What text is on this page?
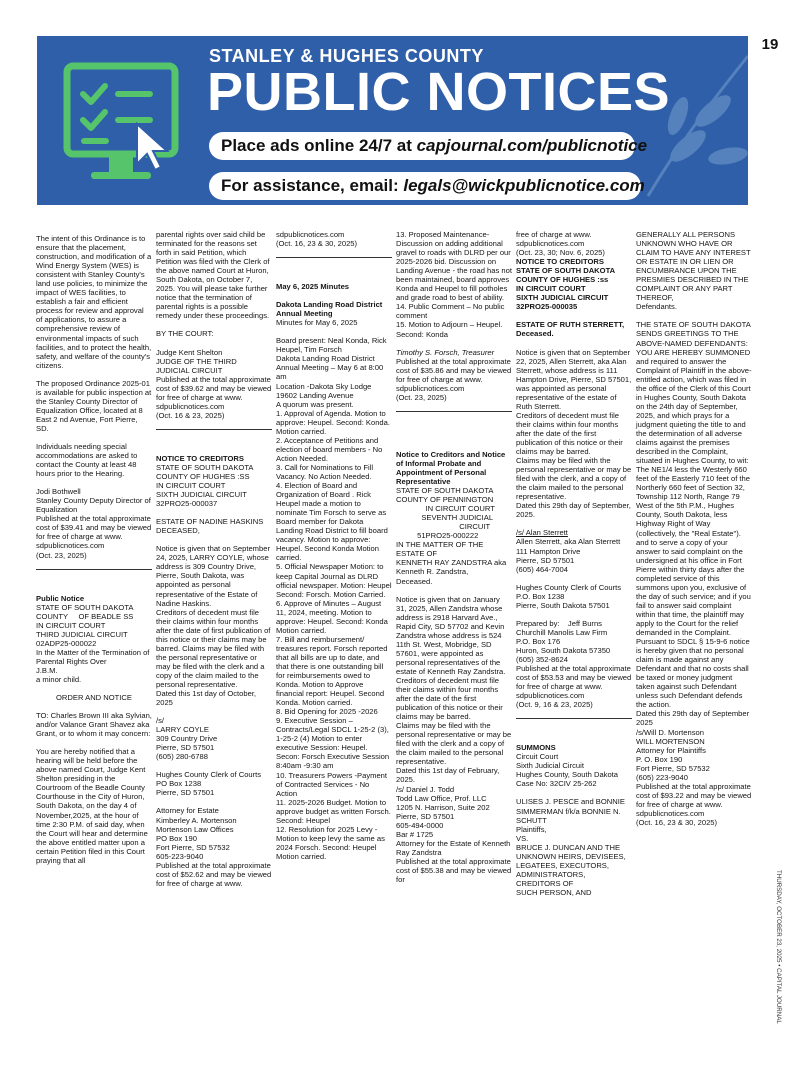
19
STANLEY & HUGHES COUNTY
PUBLIC NOTICES
Place ads online 24/7 at capjournal.com/publicnotice
For assistance, email: legals@wickpublicnotice.com

The intent of this Ordinance is to ensure that the placement, construction, and modification of a Wind Energy System (WES) is consistent with Stanley County's land use policies, to minimize the impact of WES facilities, to establish a fair and efficient process for review and approval of applications, to assure a comprehensive review of environmental impacts of such facilities, and to protect the health, safety, and welfare of the county's citizens.

The proposed Ordinance 2025-01 is available for public inspection at the Stanley County Director of Equalization Office, located at 8 East 2 nd Avenue, Fort Pierre, SD.

Individuals needing special accommodations are asked to contact the County at least 48 hours prior to the Hearing.

Jodi Bothwell
Stanley County Deputy Director of Equalization
Published at the total approximate cost of $39.41 and may be viewed for free of charge at www. sdpublicnotices.com
(Oct. 23, 2025)

Public Notice

STATE OF SOUTH DAKOTA
COUNTY     OF BEADLE SS
IN CIRCUIT COURT
THIRD JUDICIAL CIRCUIT
02ADP25-000022
In the Matter of the Termination of Parental Rights Over
J.B.M.
a minor child.

ORDER AND NOTICE

TO: Charles Brown III aka Sylvian, and/or Valance Grant Shavez aka Grant, or to whom it may concern:

You are hereby notified that a hearing will be held before the above named Court, Judge Kent Shelton presiding in the Courtroom of the Beadle County Courthouse in the City of Huron, South Dakota, on the day 4 of November,2025, at the hour of time 2:30 P.M. of said day, when the Court will hear and determine the above entitled matter upon a certain Petition filed in this Court praying that all

parental rights over said child be terminated for the reasons set forth in said Petition, which Petition was filed with the Clerk of the above named Court at Huron, South Dakota, on October 7, 2025. You will please take further notice that the termination of parental rights is a possible remedy under these proceedings.

BY THE COURT:

Judge Kent Shelton
JUDGE OF THE THIRD JUDICIAL CIRCUIT
Published at the total approximate cost of $39.62 and may be viewed for free of charge at www. sdpublicnotices.com
(Oct. 16 & 23, 2025)

NOTICE TO CREDITORS

STATE OF SOUTH DAKOTA
COUNTY OF HUGHES :SS
IN CIRCUIT COURT
SIXTH JUDICIAL CIRCUIT
32PRO25-000037

ESTATE OF NADINE HASKINS
DECEASED,

Notice is given that on September 24, 2025, LARRY COYLE, whose address is 309 Country Drive, Pierre, South Dakota, was appointed as personal representative of the Estate of Nadine Haskins.
Creditors of decedent must file their claims within four months after the date of first publication of this notice or their claims may be barred. Claims may be filed with the personal representative or may be filed with the clerk and a copy of the claim mailed to the personal representative.
Dated this 1st day of October, 2025

/s/
LARRY COYLE
309 Country Drive
Pierre, SD 57501
(605) 280-6788

Hughes County Clerk of Courts
PO Box 1238
Pierre, SD 57501

Attorney for Estate
Kimberley A. Mortenson
Mortenson Law Offices
PO Box 190
Fort Pierre, SD 57532
605-223-9040
Published at the total approximate cost of $52.62 and may be viewed for free of charge at www.

sdpublicnotices.com
(Oct. 16, 23 & 30, 2025)

May 6, 2025 Minutes

Dakota Landing Road District Annual Meeting

Minutes for May 6, 2025

Board present: Neal Konda, Rick Heupel, Tim Forsch
Dakota Landing Road District Annual Meeting – May 6 at 8:00 am
Location -Dakota Sky Lodge 19602 Landing Avenue
A quorum was present.
1. Approval of Agenda. Motion to approve: Heupel. Second: Konda. Motion carried.
2. Acceptance of Petitions and election of board members - No Action Needed.
3. Call for Nominations to Fill Vacancy. No Action Needed.
4. Election of Board and Organization of Board . Rick Heupel made a motion to nominate Tim Forsch to serve as Board member for Dakota Landing Road District to fill board vacancy. Motion to approve: Heupel. Second Konda Motion carried.
5. Official Newspaper Motion: to keep Capital Journal as DLRD official newspaper. Motion: Heupel Second: Forsch. Motion Carried.
6. Approve of Minutes – August 11, 2024, meeting. Motion to approve: Heupel. Second: Konda Motion carried.
7. Bill and reimbursement/ treasures report. Forsch reported that all bills are up to date, and that there is one outstanding bill for reimbursements owed to Konda. Motion to Approve financial report: Heupel. Second Konda. Motion carried.
8. Bid Opening for 2025 -2026
9. Executive Session – Contracts/Legal SDCL 1-25-2 (3), 1-25-2 (4) Motion to enter executive Session: Heupel. Secon: Forsch Executive Session 8:40am -9:30 am
10. Treasurers Powers -Payment of Contracted Services - No Action
11. 2025-2026 Budget. Motion to approve budget as written Forsch. Second: Heupel
12. Resolution for 2025 Levy - Motion to keep levy the same as 2024 Forsch. Second: Heupel Motion carried.

13. Proposed Maintenance- Discussion on adding additional gravel to roads with DLRD per our 2025-2026 bid. Discussion on Landing Avenue - the road has not been maintained, board approves Konda and Heupel to fill potholes and grade road to best of ability.
14. Public Comment – No public comment
15. Motion to Adjourn – Heupel. Second: Konda

Timothy S. Forsch, Treasurer

Published at the total approximate cost of $35.86 and may be viewed for free of charge at www. sdpublicnotices.com
(Oct. 23, 2025)

Notice to Creditors and Notice of Informal Probate and Appointment of Personal Representative

STATE OF SOUTH DAKOTA
COUNTY OF PENNINGTON
IN CIRCUIT COURT
SEVENTH JUDICIAL
CIRCUIT
51PRO25-000222
IN THE MATTER OF THE ESTATE OF
KENNETH RAY ZANDSTRA aka
Kenneth R. Zandstra,
Deceased.

Notice is given that on January 31, 2025, Allen Zandstra whose address is 2918 Harvard Ave., Rapid City, SD 57702 and Kevin Zandstra whose address is 524 11th St. West, Mobridge, SD 57601, were appointed as personal representatives of the estate of Kenneth Ray Zandstra.
Creditors of decedent must file their claims within four months after the date of the first publication of this notice or their claims may be barred.
Claims may be filed with the personal representative or may be filed with the clerk and a copy of the claim mailed to the personal representative.
Dated this 1st day of February, 2025.
/s/ Daniel J. Todd
Todd Law Office, Prof. LLC
1205 N. Harrison, Suite 202
Pierre, SD 57501
605-494-0000
Bar # 1725
Attorney for the Estate of Kenneth Ray Zandstra
Published at the total approximate cost of $55.38 and may be viewed for

free of charge at www. sdpublicnotices.com
(Oct. 23, 30; Nov. 6, 2025)

NOTICE TO CREDITORS
STATE OF SOUTH DAKOTA
COUNTY OF HUGHES :ss
IN CIRCUIT COURT
SIXTH JUDICIAL CIRCUIT
32PRO25-000035

ESTATE OF RUTH STERRETT,
Deceased.

Notice is given that on September 22, 2025, Allen Sterrett, aka Alan Sterrett, whose address is 111 Hampton Drive, Pierre, SD 57501, was appointed as personal representative of the estate of Ruth Sterrett.
Creditors of decedent must file their claims within four months after the date of the first publication of this notice or their claims may be barred.
Claims may be filed with the personal representative or may be filed with the clerk, and a copy of the claim mailed to the personal representative.
Dated this 29th day of September, 2025.

/s/ Alan Sterrett

Allen Sterrett, aka Alan Sterrett
111 Hampton Drive
Pierre, SD 57501
(605) 464-7004

Hughes County Clerk of Courts
P.O. Box 1238
Pierre, South Dakota 57501

Prepared by:    Jeff Burns
Churchill Manolis Law Firm
P.O. Box 176
Huron, South Dakota 57350
(605) 352-8624
Published at the total approximate cost of $53.53 and may be viewed for free of charge at www. sdpublicnotices.com
(Oct. 9, 16 & 23, 2025)

SUMMONS

Circuit Court
Sixth Judicial Circuit
Hughes County, South Dakota
Case No: 32CIV 25-262

ULISES J. PESCE and BONNIE SIMMERMAN f/k/a BONNIE N. SCHUTT
Plaintiffs,
VS.
BRUCE J. DUNCAN AND THE UNKNOWN HEIRS, DEVISEES, LEGATEES, EXECUTORS, ADMINISTRATORS, CREDITORS OF
SUCH PERSON, AND

GENERALLY ALL PERSONS UNKNOWN WHO HAVE OR CLAIM TO HAVE ANY INTEREST OR ESTATE IN OR LIEN OR ENCUMBRANCE UPON THE PRESMIES DESCRIBED IN THE COMPLAINT OR ANY PART THEREOF,
Defendants.

THE STATE OF SOUTH DAKOTA SENDS GREETINGS TO THE ABOVE-NAMED DEFENDANTS:
YOU ARE HEREBY SUMMONED and required to answer the Complaint of Plaintiff in the above-entitled action, which was filed in the office of the Clerk of this Court in Hughes County, South Dakota on the 24th day of September, 2025, and which prays for a judgment quieting the title to and the determination of all adverse claims against the premises described in the Complaint, situated in Hughes County, to wit:
The NE1/4 less the Westerly 660 feet of the Easterly 710 feet of the Northerly 660 feet of Section 32, Township 112 North, Range 79 West of the 5th P.M., Hughes County, South Dakota, less Highway Right of Way (collectively, the "Real Estate").
and to serve a copy of your answer to said complaint on the undersigned at his office in Fort Pierre within thirty days after the completed service of this summons upon you, exclusive of the day of such service; and if you fail to answer said complaint within that time, the plaintiff may apply to the Court for the relief demanded in the Complaint.
Pursuant to SDCL § 15-9-6 notice is hereby given that no personal claim is made against any Defendant and that no costs shall be taxed or money judgment taken against such Defendant unless such Defendant defends the action.
Dated this 29th day of September 2025
/s/Will D. Mortenson
WILL MORTENSON
Attorney for Plaintiffs
P. O. Box 190
Fort Pierre, SD 57532
(605) 223-9040
Published at the total approximate cost of $93.22 and may be viewed for free of charge at www. sdpublicnotices.com
(Oct. 16, 23 & 30, 2025)

THURSDAY, OCTOBER 23, 2025 • CAPITAL JOURNAL
